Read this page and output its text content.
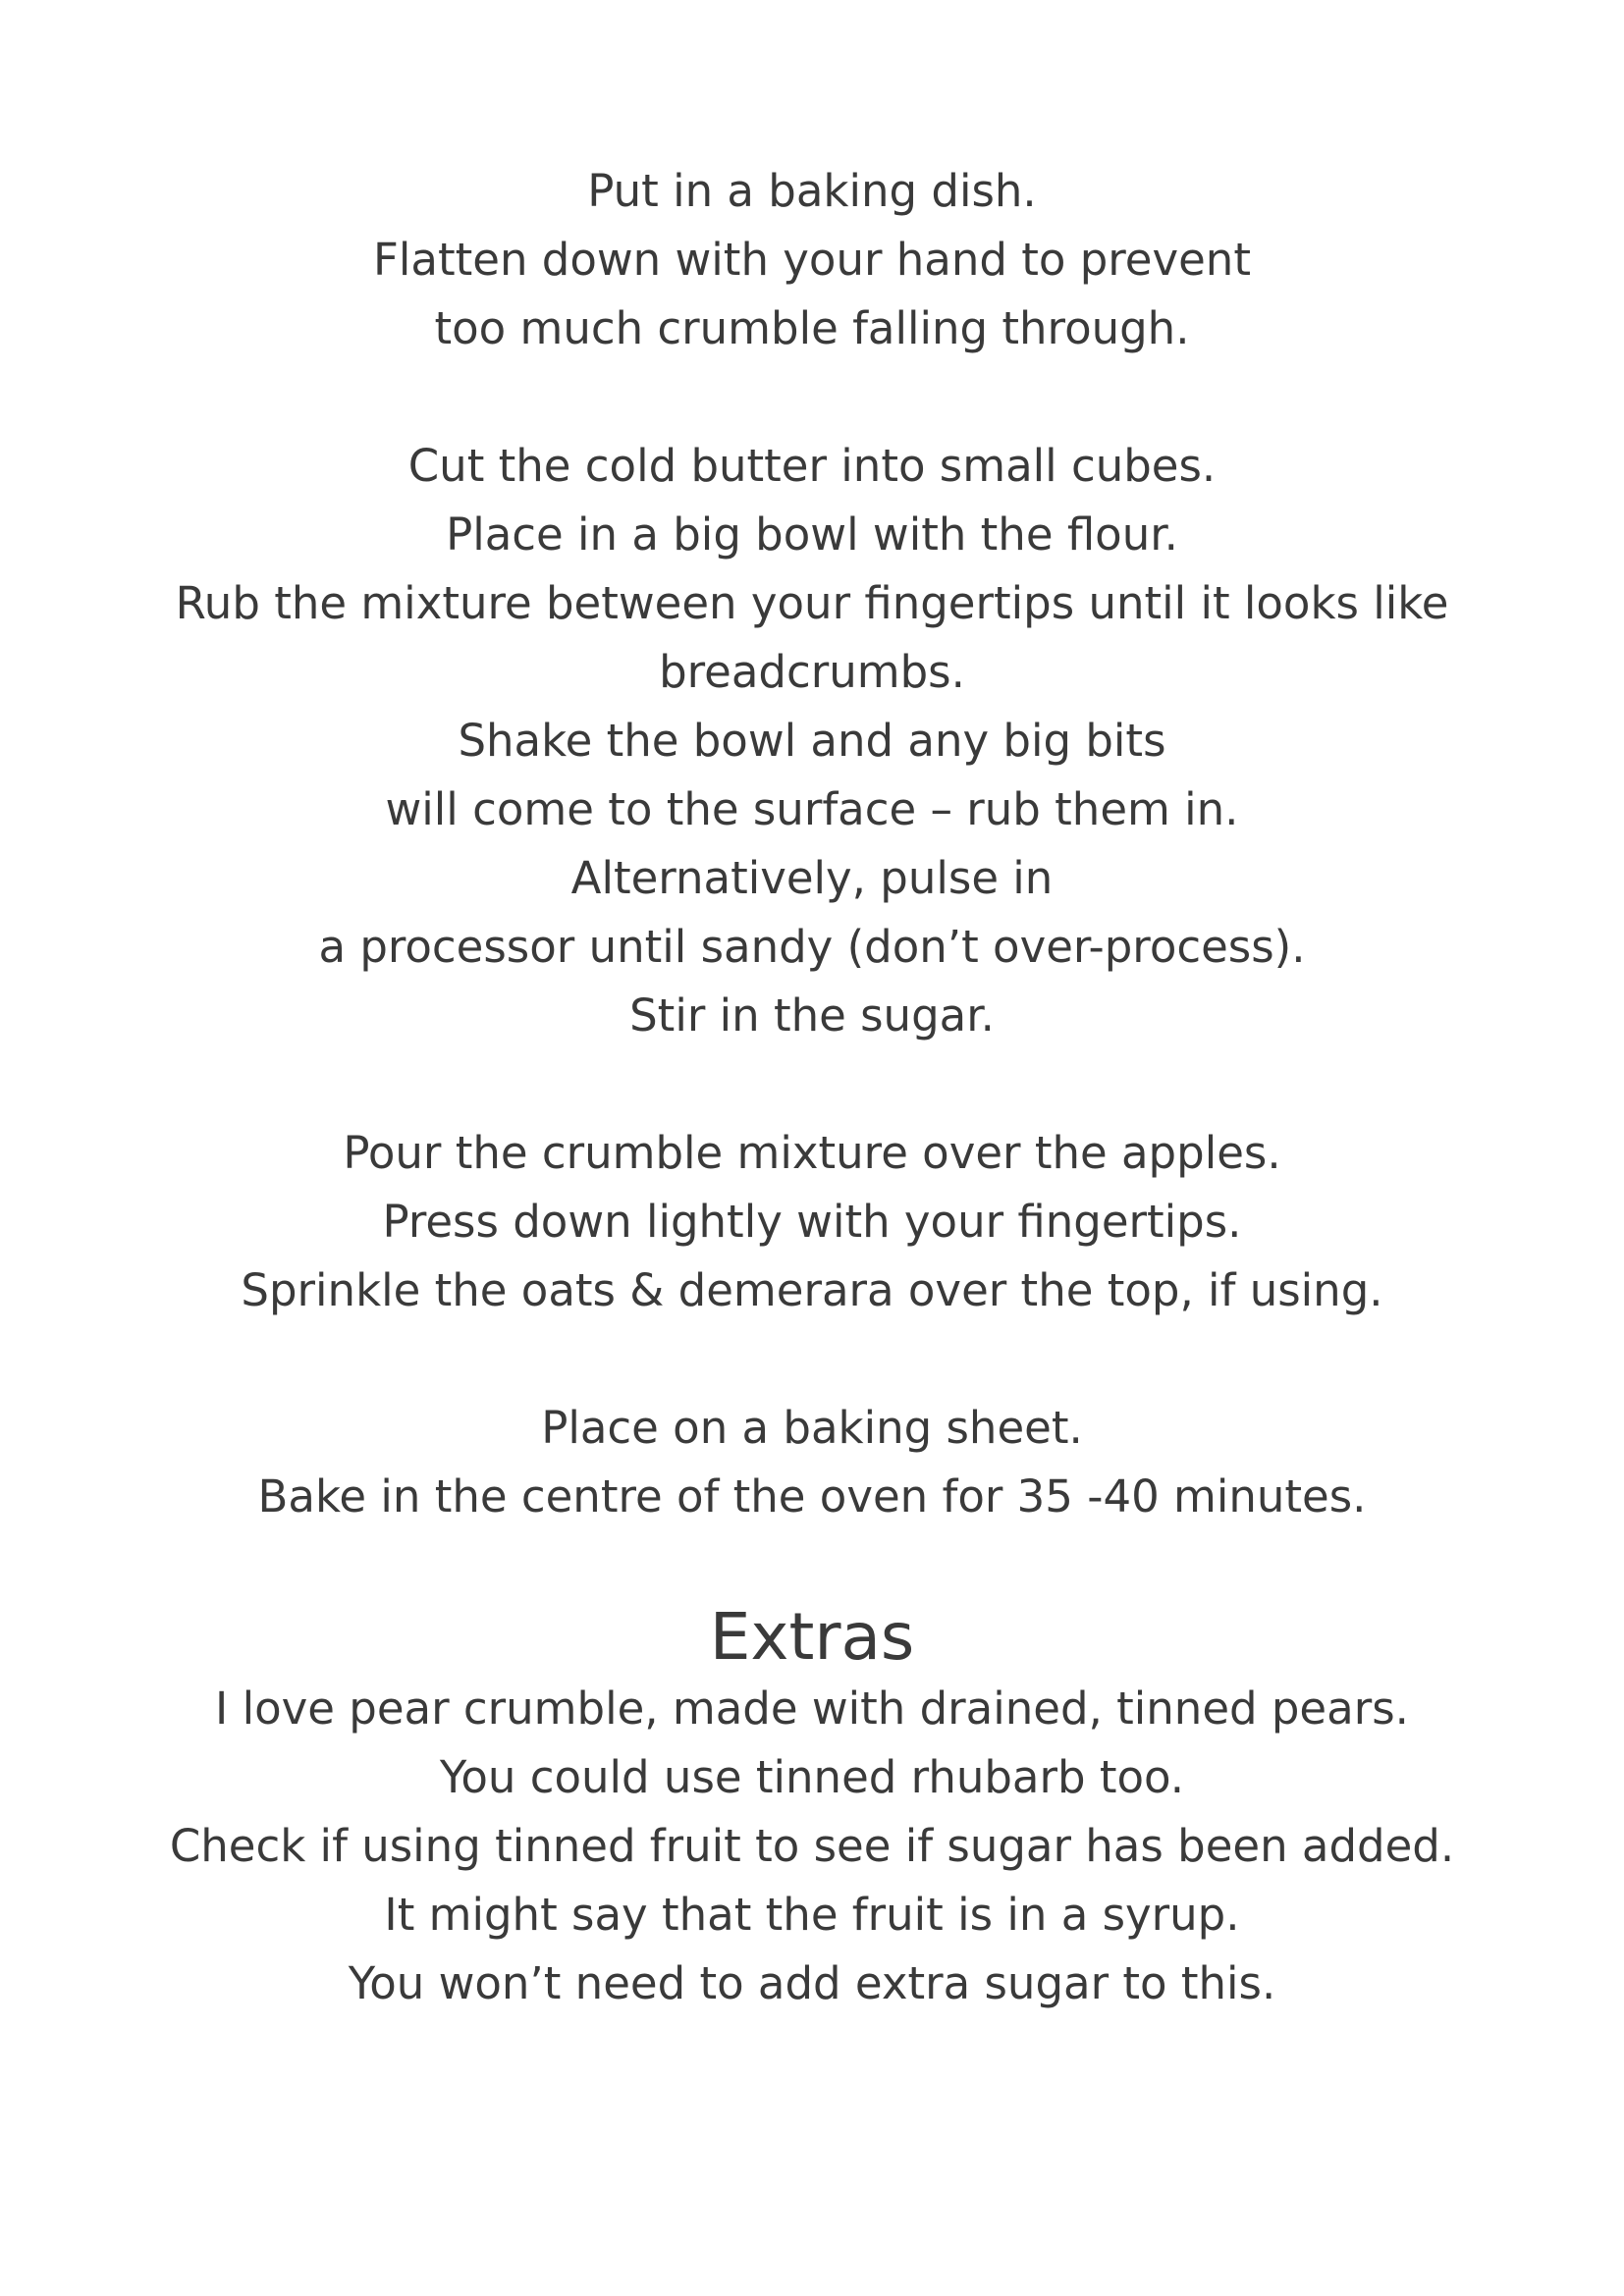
Put in a baking dish.
Flatten down with your hand to prevent
too much crumble falling through.
Cut the cold butter into small cubes.
Place in a big bowl with the flour.
Rub the mixture between your fingertips until it looks like
breadcrumbs.
Shake the bowl and any big bits
will come to the surface – rub them in.
Alternatively, pulse in
a processor until sandy (don’t over-process).
Stir in the sugar.
Pour the crumble mixture over the apples.
Press down lightly with your fingertips.
Sprinkle the oats & demerara over the top, if using.
Place on a baking sheet.
Bake in the centre of the oven for 35 -40 minutes.
Extras
I love pear crumble, made with drained, tinned pears.
You could use tinned rhubarb too.
Check if using tinned fruit to see if sugar has been added.
It might say that the fruit is in a syrup.
You won’t need to add extra sugar to this.
